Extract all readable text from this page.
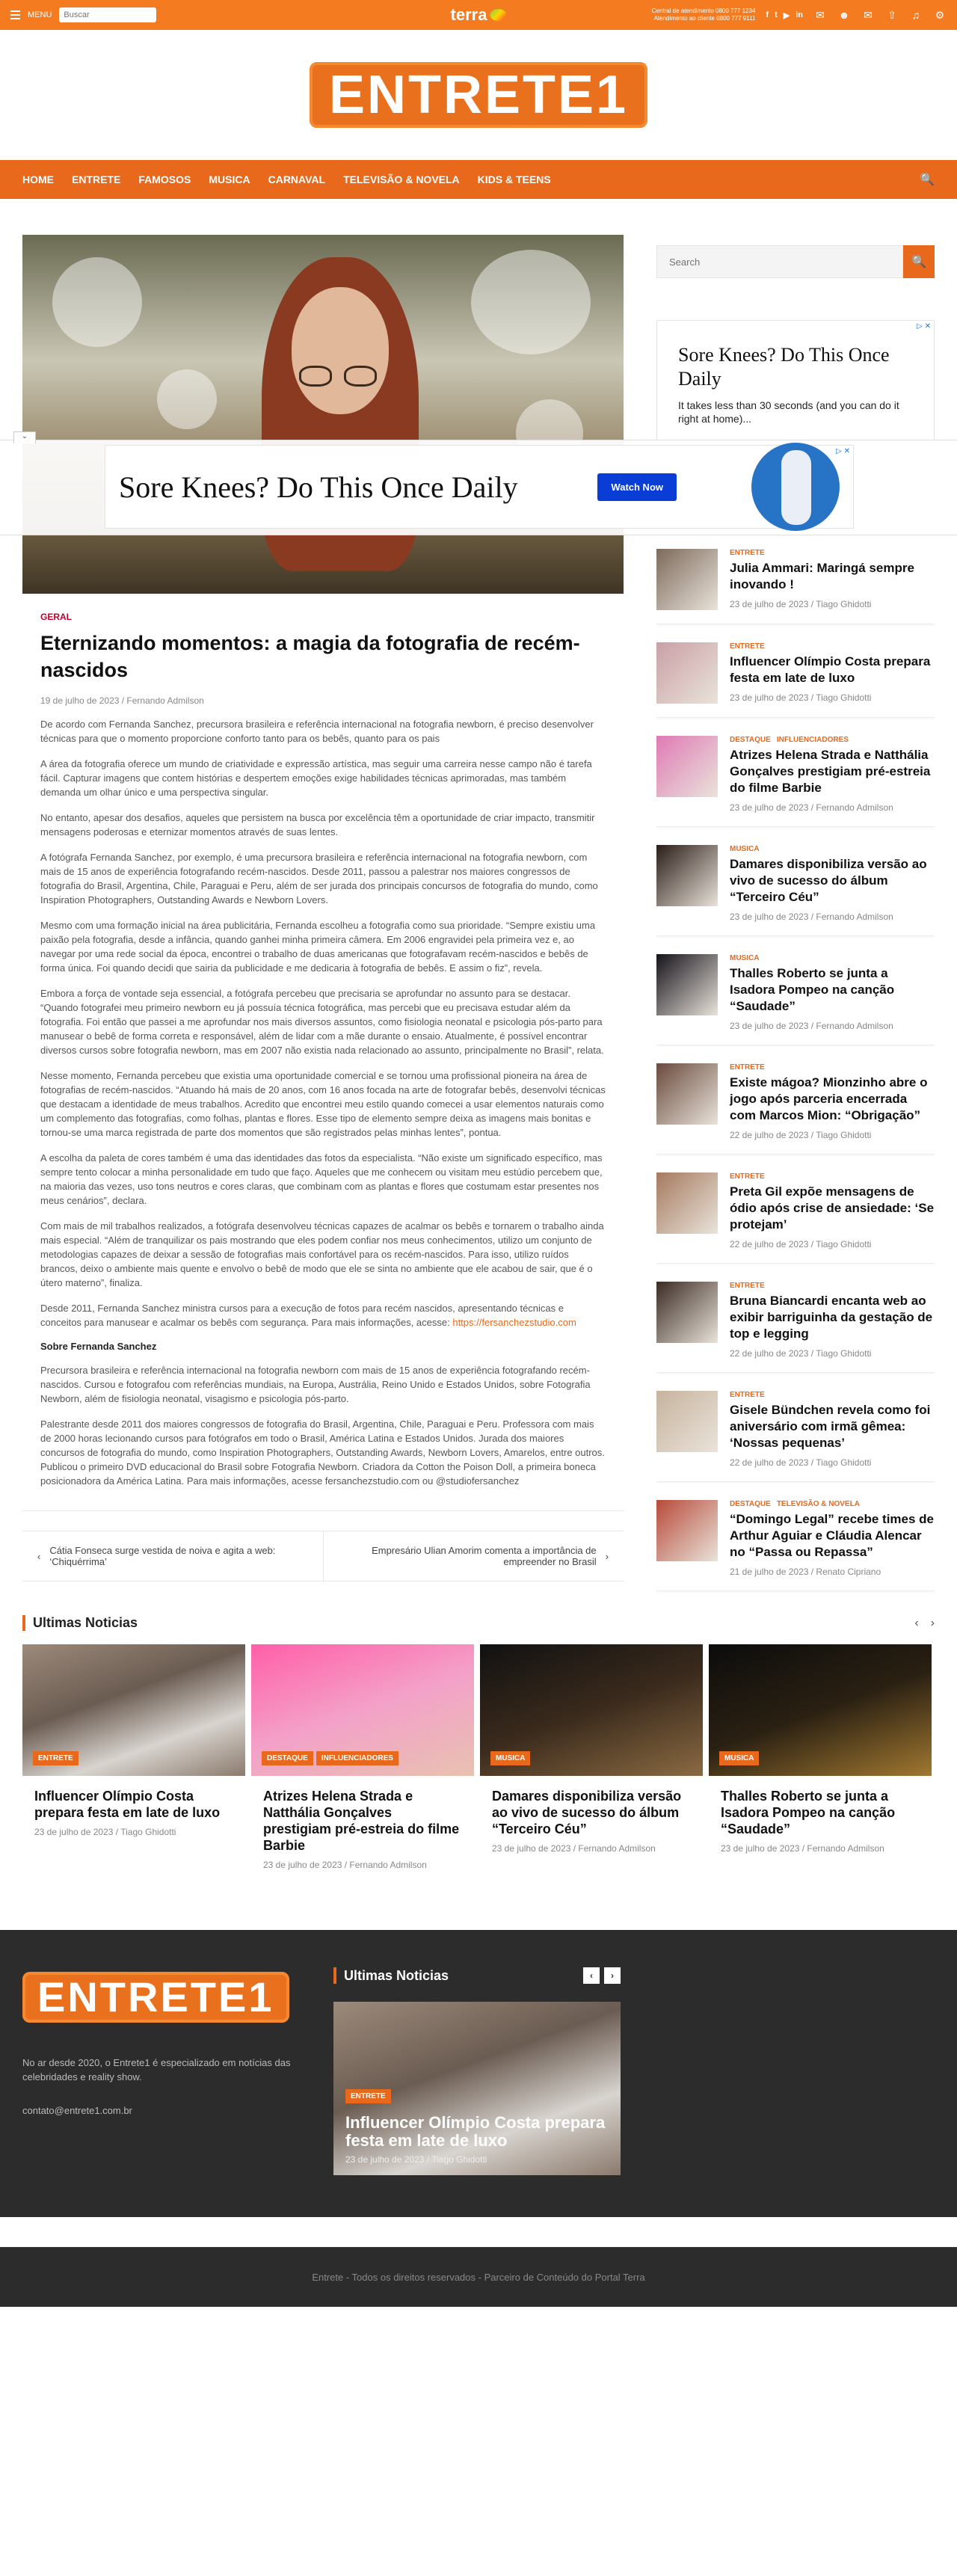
MENU
Buscar	terra	Central de atendimento 0800 777 1234
Atendimento ao cliente 0800 777 9111 f t ▶ in ✉ ☻ ✉ ⇧ ♫ ⚙
ENTRETE1
HOME ENTRETE FAMOSOS MUSICA CARNAVAL TELEVISÃO & NOVELA KIDS & TEENS	🔍
⌄
▷ ✕
Sore Knees? Do This Once Daily	Watch Now
GERAL
Eternizando momentos: a magia da fotografia de recém-nascidos
19 de julho de 2023 / Fernando Admilson

De acordo com Fernanda Sanchez, precursora brasileira e referência internacional na fotografia newborn, é preciso desenvolver técnicas para que o momento proporcione conforto tanto para os bebês, quanto para os pais

A área da fotografia oferece um mundo de criatividade e expressão artística, mas seguir uma carreira nesse campo não é tarefa fácil. Capturar imagens que contem histórias e despertem emoções exige habilidades técnicas aprimoradas, mas também demanda um olhar único e uma perspectiva singular.

No entanto, apesar dos desafios, aqueles que persistem na busca por excelência têm a oportunidade de criar impacto, transmitir mensagens poderosas e eternizar momentos através de suas lentes.

A fotógrafa Fernanda Sanchez, por exemplo, é uma precursora brasileira e referência internacional na fotografia newborn, com mais de 15 anos de experiência fotografando recém-nascidos. Desde 2011, passou a palestrar nos maiores congressos de fotografia do Brasil, Argentina, Chile, Paraguai e Peru, além de ser jurada dos principais concursos de fotografia do mundo, como Inspiration Photographers, Outstanding Awards e Newborn Lovers.

Mesmo com uma formação inicial na área publicitária, Fernanda escolheu a fotografia como sua prioridade. “Sempre existiu uma paixão pela fotografia, desde a infância, quando ganhei minha primeira câmera. Em 2006 engravidei pela primeira vez e, ao navegar por uma rede social da época, encontrei o trabalho de duas americanas que fotografavam recém-nascidos e bebês de forma única. Foi quando decidi que sairia da publicidade e me dedicaria à fotografia de bebês. E assim o fiz”, revela.

Embora a força de vontade seja essencial, a fotógrafa percebeu que precisaria se aprofundar no assunto para se destacar. “Quando fotografei meu primeiro newborn eu já possuía técnica fotográfica, mas percebi que eu precisava estudar além da fotografia. Foi então que passei a me aprofundar nos mais diversos assuntos, como fisiologia neonatal e psicologia pós-parto para manusear o bebê de forma correta e responsável, além de lidar com a mãe durante o ensaio. Atualmente, é possível encontrar diversos cursos sobre fotografia newborn, mas em 2007 não existia nada relacionado ao assunto, principalmente no Brasil”, relata.

Nesse momento, Fernanda percebeu que existia uma oportunidade comercial e se tornou uma profissional pioneira na área de fotografias de recém-nascidos. “Atuando há mais de 20 anos, com 16 anos focada na arte de fotografar bebês, desenvolvi técnicas que destacam a identidade de meus trabalhos. Acredito que encontrei meu estilo quando comecei a usar elementos naturais como um complemento das fotografias, como folhas, plantas e flores. Esse tipo de elemento sempre deixa as imagens mais bonitas e tornou-se uma marca registrada de parte dos momentos que são registrados pelas minhas lentes”, pontua.

A escolha da paleta de cores também é uma das identidades das fotos da especialista. “Não existe um significado específico, mas sempre tento colocar a minha personalidade em tudo que faço. Aqueles que me conhecem ou visitam meu estúdio percebem que, na maioria das vezes, uso tons neutros e cores claras, que combinam com as plantas e flores que costumam estar presentes nos meus cenários”, declara.

Com mais de mil trabalhos realizados, a fotógrafa desenvolveu técnicas capazes de acalmar os bebês e tornarem o trabalho ainda mais especial. “Além de tranquilizar os pais mostrando que eles podem confiar nos meus conhecimentos, utilizo um conjunto de metodologias capazes de deixar a sessão de fotografias mais confortável para os recém-nascidos. Para isso, utilizo ruídos brancos, deixo o ambiente mais quente e envolvo o bebê de modo que ele se sinta no ambiente que ele acabou de sair, que é o útero materno”, finaliza.

Desde 2011, Fernanda Sanchez ministra cursos para a execução de fotos para recém nascidos, apresentando técnicas e conceitos para manusear e acalmar os bebês com segurança. Para mais informações, acesse: https://fersanchezstudio.com

Sobre Fernanda Sanchez

Precursora brasileira e referência internacional na fotografia newborn com mais de 15 anos de experiência fotografando recém-nascidos. Cursou e fotografou com referências mundiais, na Europa, Austrália, Reino Unido e Estados Unidos, sobre Fotografia Newborn, além de fisiologia neonatal, visagismo e psicologia pós-parto.

Palestrante desde 2011 dos maiores congressos de fotografia do Brasil, Argentina, Chile, Paraguai e Peru. Professora com mais de 2000 horas lecionando cursos para fotógrafos em todo o Brasil, América Latina e Estados Unidos. Jurada dos maiores concursos de fotografia do mundo, como Inspiration Photographers, Outstanding Awards, Newborn Lovers, Amarelos, entre outros. Publicou o primeiro DVD educacional do Brasil sobre Fotografia Newborn. Criadora da Cotton the Poison Doll, a primeira boneca posicionadora da América Latina. Para mais informações, acesse fersanchezstudio.com ou @studiofersanchez

‹ Cátia Fonseca surge vestida de noiva e agita a web: ‘Chiquérrima’
Empresário Ulian Amorim comenta a importância de empreender no Brasil ›
Search
🔍
▷ ✕
Sore Knees? Do This Once Daily

It takes less than 30 seconds (and you can do it right at home)...

ENTRETE
Julia Ammari: Maringá sempre inovando !
23 de julho de 2023 / Tiago Ghidotti
ENTRETE
Influencer Olímpio Costa prepara festa em late de luxo
23 de julho de 2023 / Tiago Ghidotti
DESTAQUE INFLUENCIADORES
Atrizes Helena Strada e Natthália Gonçalves prestigiam pré-estreia do filme Barbie
23 de julho de 2023 / Fernando Admilson
MUSICA
Damares disponibiliza versão ao vivo de sucesso do álbum “Terceiro Céu”
23 de julho de 2023 / Fernando Admilson
MUSICA
Thalles Roberto se junta a Isadora Pompeo na canção “Saudade”
23 de julho de 2023 / Fernando Admilson
ENTRETE
Existe mágoa? Mionzinho abre o jogo após parceria encerrada com Marcos Mion: “Obrigação”
22 de julho de 2023 / Tiago Ghidotti
ENTRETE
Preta Gil expõe mensagens de ódio após crise de ansiedade: ‘Se protejam’
22 de julho de 2023 / Tiago Ghidotti
ENTRETE
Bruna Biancardi encanta web ao exibir barriguinha da gestação de top e legging
22 de julho de 2023 / Tiago Ghidotti
ENTRETE
Gisele Bündchen revela como foi aniversário com irmã gêmea: ‘Nossas pequenas’
22 de julho de 2023 / Tiago Ghidotti
DESTAQUE TELEVISÃO & NOVELA
“Domingo Legal” recebe times de Arthur Aguiar e Cláudia Alencar no “Passa ou Repassa”
21 de julho de 2023 / Renato Cipriano
Ultimas Noticias	‹ ›
ENTRETE
Influencer Olímpio Costa prepara festa em late de luxo
23 de julho de 2023 / Tiago Ghidotti
DESTAQUE	INFLUENCIADORES
Atrizes Helena Strada e Natthália Gonçalves prestigiam pré-estreia do filme Barbie
23 de julho de 2023 / Fernando Admilson
MUSICA
Damares disponibiliza versão ao vivo de sucesso do álbum “Terceiro Céu”
23 de julho de 2023 / Fernando Admilson
MUSICA
Thalles Roberto se junta a Isadora Pompeo na canção “Saudade”
23 de julho de 2023 / Fernando Admilson
ENTRETE1

No ar desde 2020, o Entrete1 é especializado em notícias das celebridades e reality show.

contato@entrete1.com.br

Ultimas Noticias	‹	›
ENTRETE
Influencer Olímpio Costa prepara festa em late de luxo
23 de julho de 2023 / Tiago Ghidotti
Entrete - Todos os direitos reservados - Parceiro de Conteúdo do Portal Terra
